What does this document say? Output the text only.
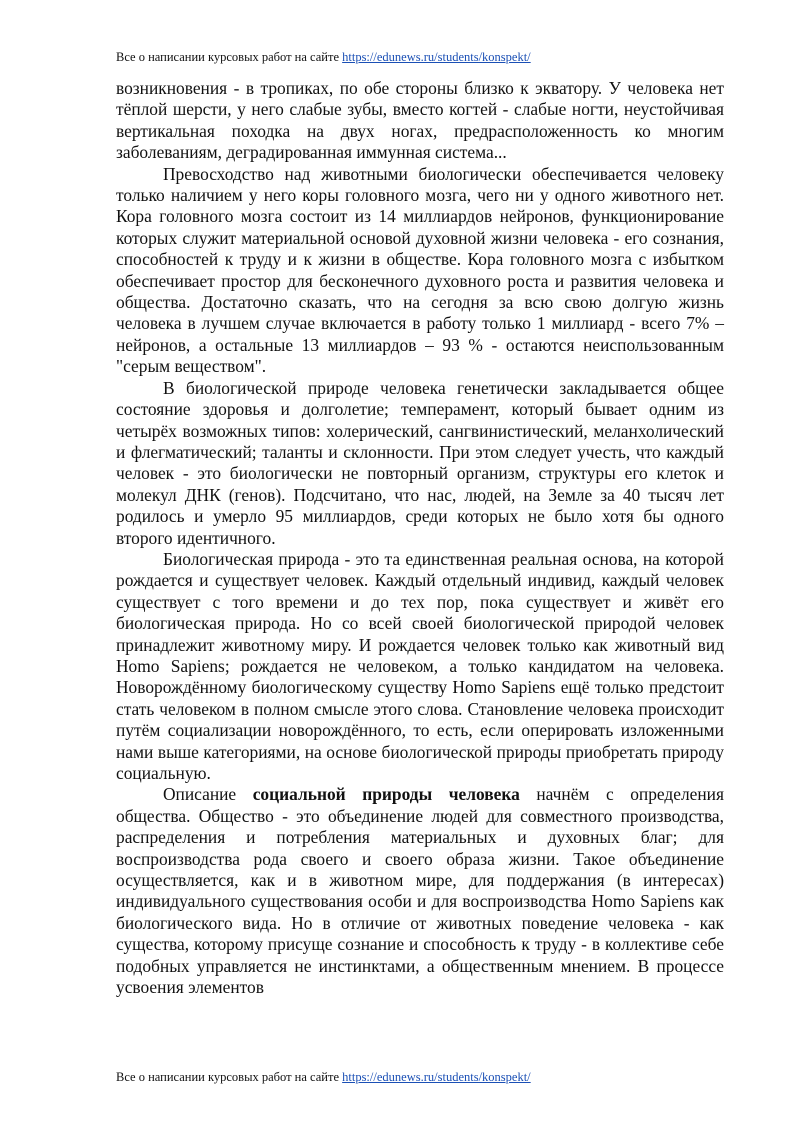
Все о написании курсовых работ на сайте https://edunews.ru/students/konspekt/

возникновения - в тропиках, по обе стороны близко к экватору. У человека нет тёплой шерсти, у него слабые зубы, вместо когтей - слабые ногти, неустойчивая вертикальная походка на двух ногах, предрасположенность ко многим заболеваниям, деградированная иммунная система...

Превосходство над животными биологически обеспечивается человеку только наличием у него коры головного мозга, чего ни у одного животного нет. Кора головного мозга состоит из 14 миллиардов нейронов, функционирование которых служит материальной основой духовной жизни человека - его сознания, способностей к труду и к жизни в обществе. Кора головного мозга с избытком обеспечивает простор для бесконечного духовного роста и развития человека и общества. Достаточно сказать, что на сегодня за всю свою долгую жизнь человека в лучшем случае включается в работу только 1 миллиард - всего 7% – нейронов, а остальные 13 миллиардов – 93 % - остаются неиспользованным "серым веществом".

В биологической природе человека генетически закладывается общее состояние здоровья и долголетие; темперамент, который бывает одним из четырёх возможных типов: холерический, сангвинистический, меланхолический и флегматический; таланты и склонности. При этом следует учесть, что каждый человек - это биологически не повторный организм, структуры его клеток и молекул ДНК (генов). Подсчитано, что нас, людей, на Земле за 40 тысяч лет родилось и умерло 95 миллиардов, среди которых не было хотя бы одного второго идентичного.

Биологическая природа - это та единственная реальная основа, на которой рождается и существует человек. Каждый отдельный индивид, каждый человек существует с того времени и до тех пор, пока существует и живёт его биологическая природа. Но со всей своей биологической природой человек принадлежит животному миру. И рождается человек только как животный вид Homo Sapiens; рождается не человеком, а только кандидатом на человека. Новорождённому биологическому существу Homo Sapiens ещё только предстоит стать человеком в полном смысле этого слова. Становление человека происходит путём социализации новорождённого, то есть, если оперировать изложенными нами выше категориями, на основе биологической природы приобретать природу социальную.

Описание социальной природы человека начнём с определения общества. Общество - это объединение людей для совместного производства, распределения и потребления материальных и духовных благ; для воспроизводства рода своего и своего образа жизни. Такое объединение осуществляется, как и в животном мире, для поддержания (в интересах) индивидуального существования особи и для воспроизводства Homo Sapiens как биологического вида. Но в отличие от животных поведение человека - как существа, которому присуще сознание и способность к труду - в коллективе себе подобных управляется не инстинктами, а общественным мнением. В процессе усвоения элементов

Все о написании курсовых работ на сайте https://edunews.ru/students/konspekt/
